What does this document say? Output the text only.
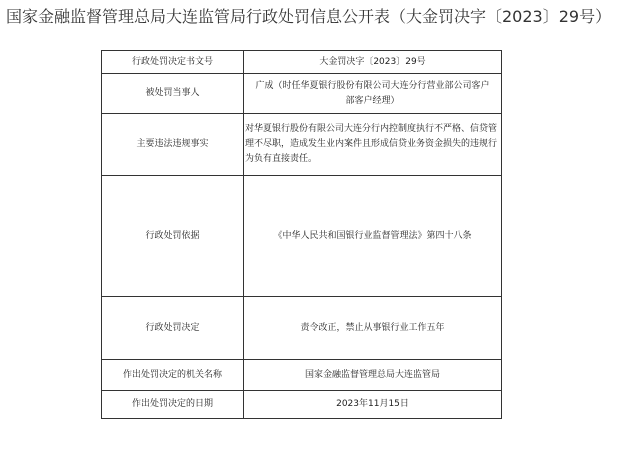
国家金融监督管理总局大连监管局行政处罚信息公开表（大金罚决字〔2023〕29号）
行政处罚决定书文号	大金罚决字〔2023〕29号
被处罚当事人	广成（时任华夏银行股份有限公司大连分行营业部公司客户部客户经理）
主要违法违规事实	对华夏银行股份有限公司大连分行内控制度执行不严格、信贷管理不尽职，造成发生业内案件且形成信贷业务资金损失的违规行为负有直接责任。
行政处罚依据	《中华人民共和国银行业监督管理法》第四十八条
行政处罚决定	责令改正，禁止从事银行业工作五年
作出处罚决定的机关名称	国家金融监督管理总局大连监管局
作出处罚决定的日期	2023年11月15日
